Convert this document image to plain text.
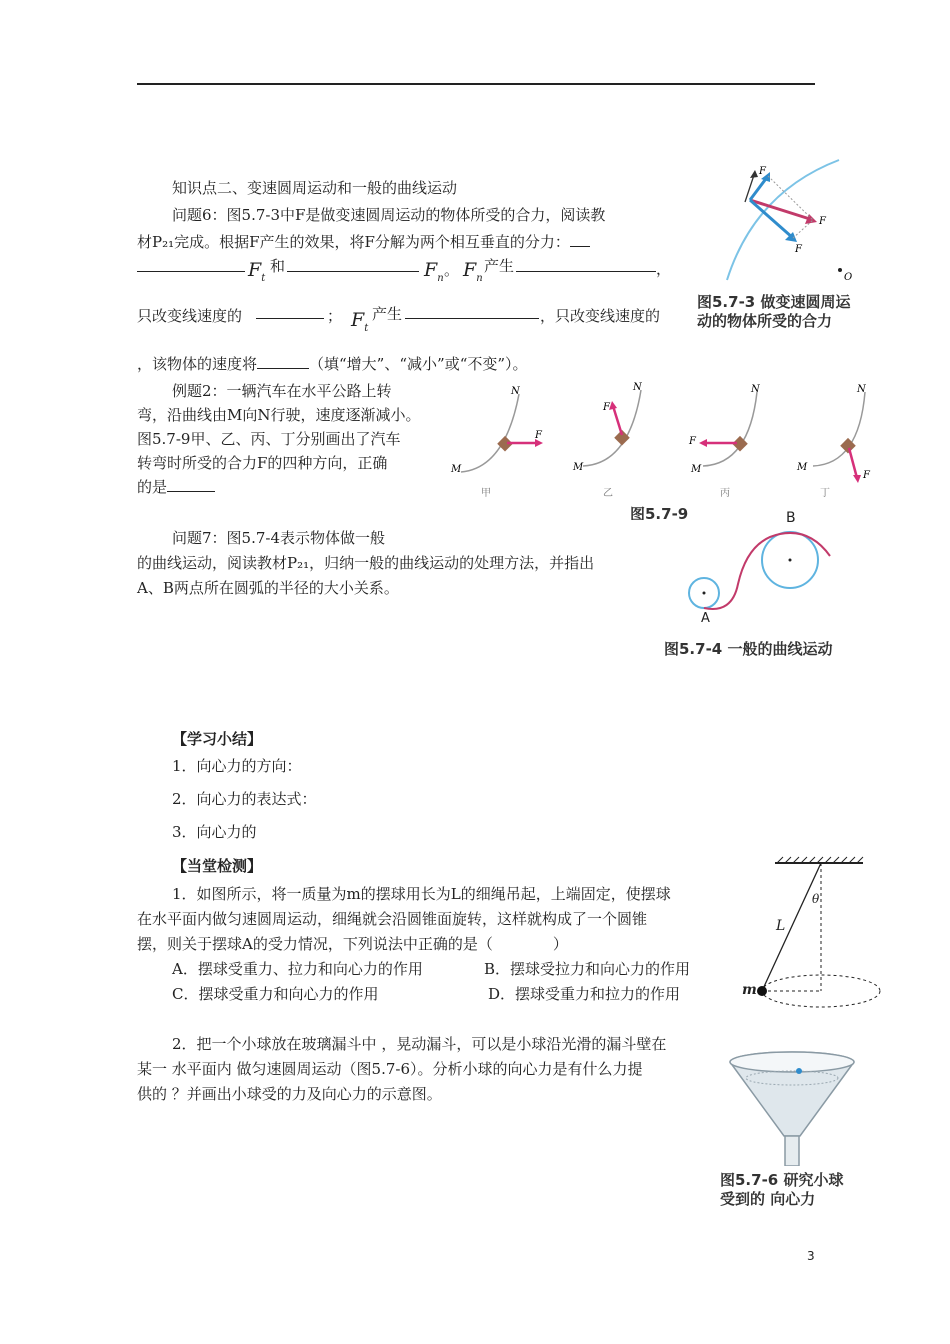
知识点二、变速圆周运动和一般的曲线运动
问题6：图5.7-3中F是做变速圆周运动的物体所受的合力，阅读教
材P₂₁完成。根据F产生的效果，将F分解为两个相互垂直的分力：
$F_t$
和	$F_n$ 。 $F_n$
产生	，
只改变线速度的	； $F_t$
产生	，只改变线速度的
，该物体的速度将	（填“增大”、“减小”或“不变”）。
例题2：一辆汽车在水平公路上转
弯，沿曲线由M向N行驶，速度逐渐减小。
图5.7-9甲、乙、丙、丁分别画出了汽车
转弯时所受的合力F的四种方向，正确
的是
问题7：图5.7-4表示物体做一般
的曲线运动，阅读教材P₂₁，归纳一般的曲线运动的处理方法，并指出
A、B两点所在圆弧的半径的大小关系。
F
F
F
O
图5.7-3 做变速圆周运
动的物体所受的合力
M
N
F
M
N
F
M
N
F
M
N
F
甲	乙	丙	丁
图5.7-9
A
B
图5.7-4 一般的曲线运动
【学习小结】
1．向心力的方向：
2．向心力的表达式：
3．向心力的
【当堂检测】
1．如图所示，将一质量为m的摆球用长为L的细绳吊起，上端固定，使摆球
在水平面内做匀速圆周运动，细绳就会沿圆锥面旋转，这样就构成了一个圆锥
摆，则关于摆球A的受力情况，下列说法中正确的是（　　　　）
A．摆球受重力、拉力和向心力的作用	B．摆球受拉力和向心力的作用
C．摆球受重力和向心力的作用	D．摆球受重力和拉力的作用
θ
L
m
2．把一个小球放在玻璃漏斗中 ，晃动漏斗，可以是小球沿光滑的漏斗壁在
某一 水平面内 做匀速圆周运动（图5.7-6）。分析小球的向心力是有什么力提
供的 ？并画出小球受的力及向心力的示意图。
图5.7-6 研究小球
受到的 向心力
3
